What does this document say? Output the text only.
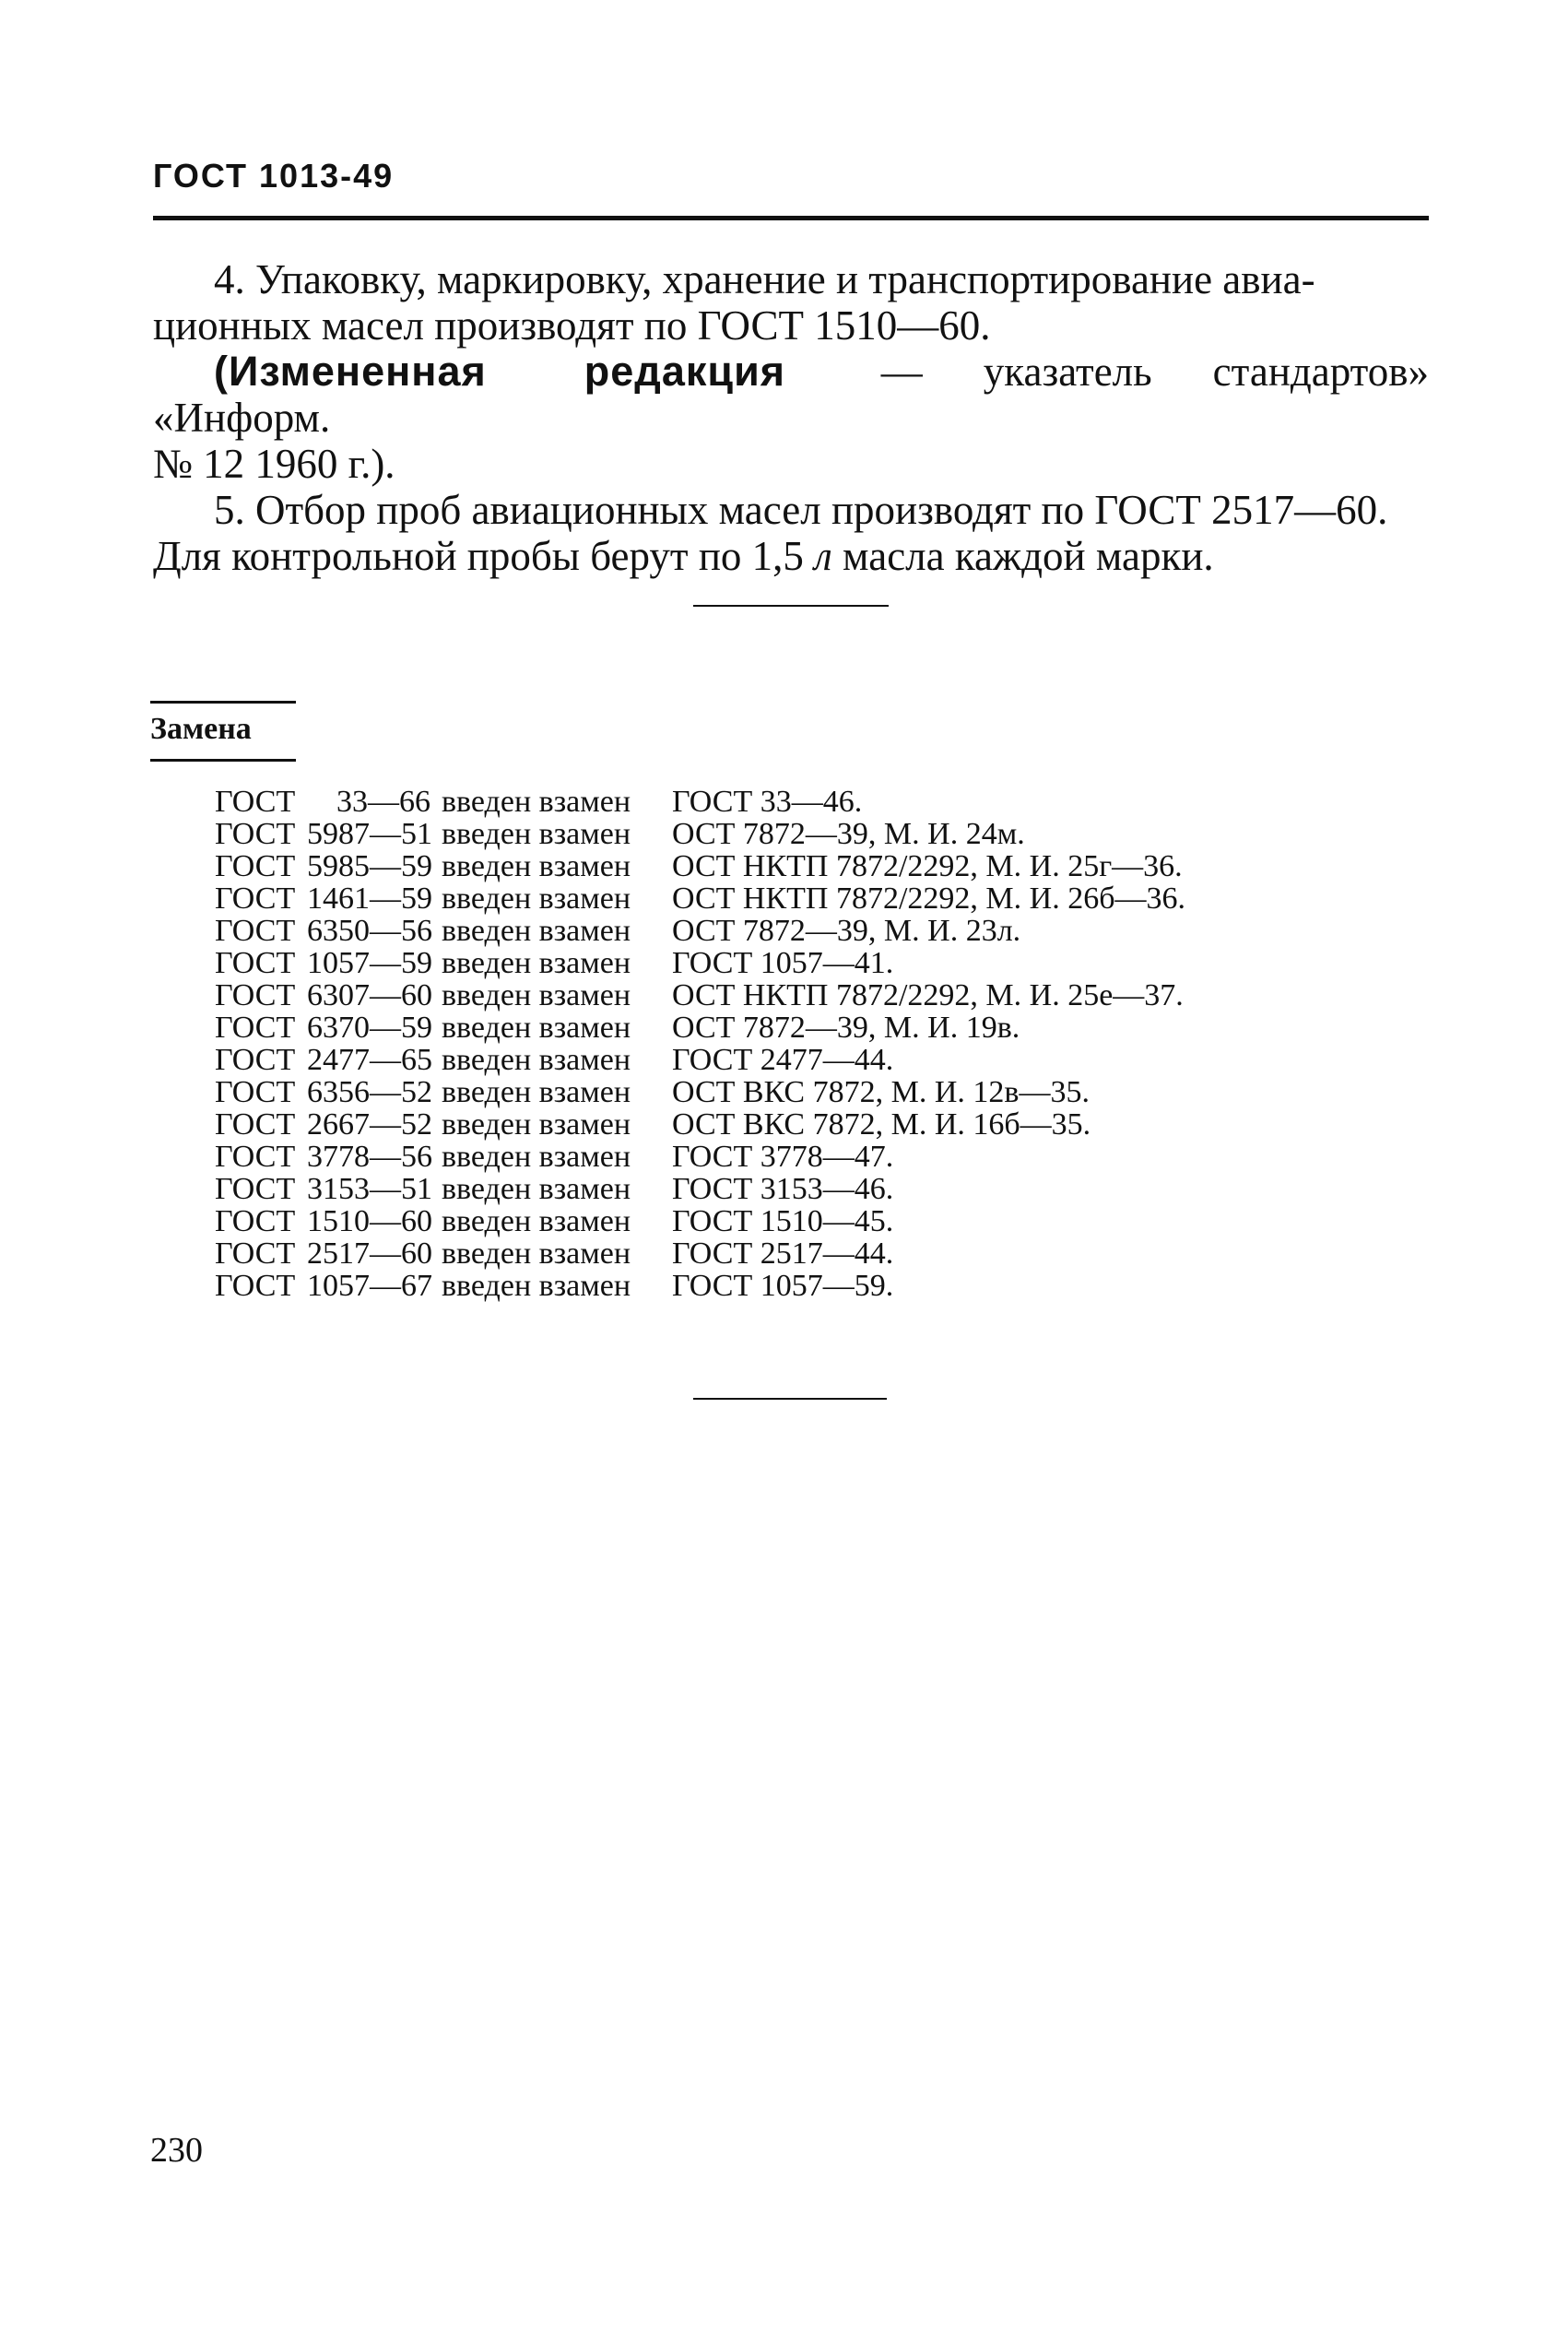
ГОСТ 1013-49

4. Упаковку, маркировку, хранение и транспортирование авиа-

ционных масел производят по ГОСТ 1510—60.

(Измененная редакция — «Информ.
указатель	стандартов»

№ 12 1960 г.).

5. Отбор проб авиационных масел производят по ГОСТ 2517—60.

Для контрольной пробы берут по 1,5 л масла каждой марки.

Замена
ГОСТ	33—66 введен взамен	ГОСТ 33—46.
ГОСТ 5987—51 введен взамен	ОСТ 7872—39, М. И. 24м.
ГОСТ 5985—59 введен взамен	ОСТ НКТП 7872/2292, М. И. 25г—36.
ГОСТ 1461—59 введен взамен	ОСТ НКТП 7872/2292, М. И. 26б—36.
ГОСТ 6350—56 введен взамен	ОСТ 7872—39, М. И. 23л.
ГОСТ 1057—59 введен взамен	ГОСТ 1057—41.
ГОСТ 6307—60 введен взамен	ОСТ НКТП 7872/2292, М. И. 25е—37.
ГОСТ 6370—59 введен взамен	ОСТ 7872—39, М. И. 19в.
ГОСТ 2477—65 введен взамен	ГОСТ 2477—44.
ГОСТ 6356—52 введен взамен	ОСТ ВКС 7872, М. И. 12в—35.
ГОСТ 2667—52 введен взамен	ОСТ ВКС 7872, М. И. 16б—35.
ГОСТ 3778—56 введен взамен	ГОСТ 3778—47.
ГОСТ 3153—51 введен взамен	ГОСТ 3153—46.
ГОСТ 1510—60 введен взамен	ГОСТ 1510—45.
ГОСТ 2517—60 введен взамен	ГОСТ 2517—44.
ГОСТ 1057—67 введен взамен	ГОСТ 1057—59.
230
